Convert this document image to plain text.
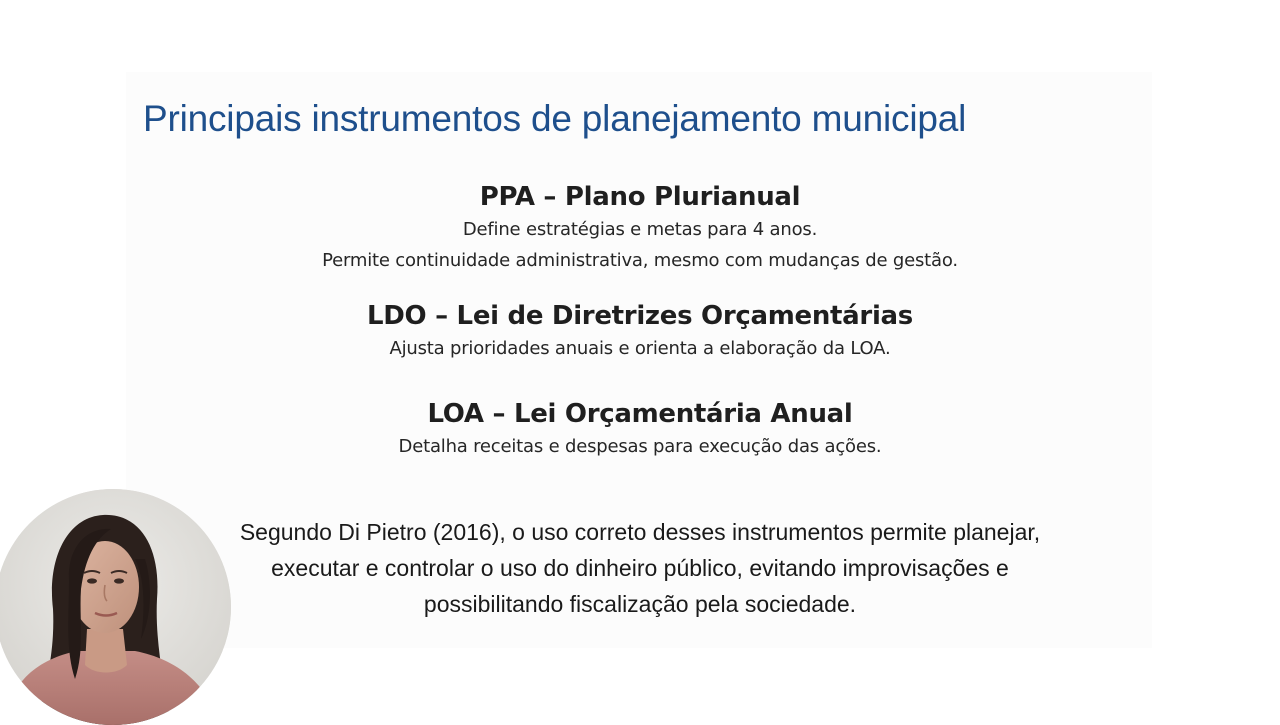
Principais instrumentos de planejamento municipal

PPA – Plano Plurianual

Define estratégias e metas para 4 anos.

Permite continuidade administrativa, mesmo com mudanças de gestão.

LDO – Lei de Diretrizes Orçamentárias

Ajusta prioridades anuais e orienta a elaboração da LOA.

LOA – Lei Orçamentária Anual

Detalha receitas e despesas para execução das ações.

Segundo Di Pietro (2016), o uso correto desses instrumentos permite planejar,

executar e controlar o uso do dinheiro público, evitando improvisações e

possibilitando fiscalização pela sociedade.
